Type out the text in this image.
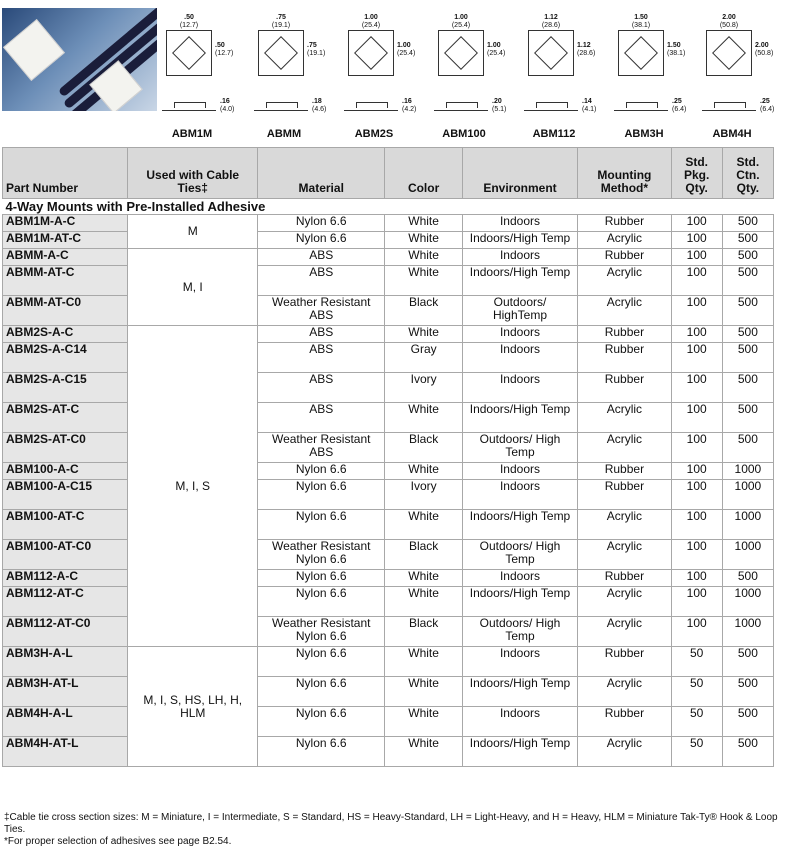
.50
(12.7)
.50
(12.7)
.16
(4.0)
ABM1M
.75
(19.1)
.75
(19.1)
.18
(4.6)
ABMM
1.00
(25.4)
1.00
(25.4)
.16
(4.2)
ABM2S
1.00
(25.4)
1.00
(25.4)
.20
(5.1)
ABM100
1.12
(28.6)
1.12
(28.6)
.14
(4.1)
ABM112
1.50
(38.1)
1.50
(38.1)
.25
(6.4)
ABM3H
2.00
(50.8)
2.00
(50.8)
.25
(6.4)
ABM4H
Part Number	Used with Cable Ties‡	Material	Color	Environment	Mounting Method*	Std. Pkg. Qty.	Std. Ctn. Qty.
4-Way Mounts with Pre-Installed Adhesive							
ABM1M-A-C	M	Nylon 6.6	White	Indoors	Rubber	100	500
ABM1M-AT-C		Nylon 6.6	White	Indoors/High Temp	Acrylic	100	500
ABMM-A-C	M, I	ABS	White	Indoors	Rubber	100	500
ABMM-AT-C		ABS	White	Indoors/High Temp	Acrylic	100	500
ABMM-AT-C0		Weather Resistant ABS	Black	Outdoors/ HighTemp	Acrylic	100	500
ABM2S-A-C	M, I, S	ABS	White	Indoors	Rubber	100	500
ABM2S-A-C14		ABS	Gray	Indoors	Rubber	100	500
ABM2S-A-C15		ABS	Ivory	Indoors	Rubber	100	500
ABM2S-AT-C		ABS	White	Indoors/High Temp	Acrylic	100	500
ABM2S-AT-C0		Weather Resistant ABS	Black	Outdoors/ High Temp	Acrylic	100	500
ABM100-A-C		Nylon 6.6	White	Indoors	Rubber	100	1000
ABM100-A-C15		Nylon 6.6	Ivory	Indoors	Rubber	100	1000
ABM100-AT-C		Nylon 6.6	White	Indoors/High Temp	Acrylic	100	1000
ABM100-AT-C0		Weather Resistant Nylon 6.6	Black	Outdoors/ High Temp	Acrylic	100	1000
ABM112-A-C		Nylon 6.6	White	Indoors	Rubber	100	500
ABM112-AT-C		Nylon 6.6	White	Indoors/High Temp	Acrylic	100	1000
ABM112-AT-C0		Weather Resistant Nylon 6.6	Black	Outdoors/ High Temp	Acrylic	100	1000
ABM3H-A-L	M, I, S, HS, LH, H, HLM	Nylon 6.6	White	Indoors	Rubber	50	500
ABM3H-AT-L		Nylon 6.6	White	Indoors/High Temp	Acrylic	50	500
ABM4H-A-L		Nylon 6.6	White	Indoors	Rubber	50	500
ABM4H-AT-L		Nylon 6.6	White	Indoors/High Temp	Acrylic	50	500
‡Cable tie cross section sizes: M = Miniature, I = Intermediate, S = Standard, HS = Heavy-Standard, LH = Light-Heavy, and H = Heavy, HLM = Miniature Tak-Ty® Hook & Loop Ties.
*For proper selection of adhesives see page B2.54.
